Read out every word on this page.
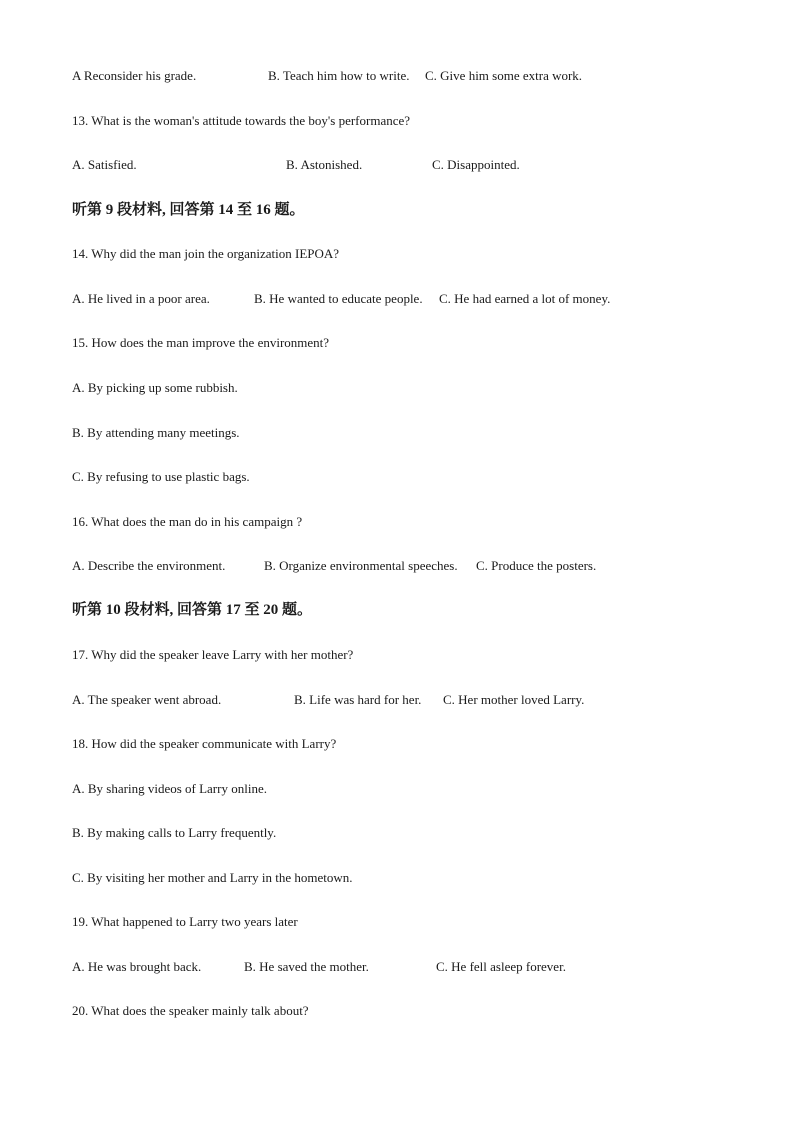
A Reconsider his grade.	B. Teach him how to write. C. Give him some extra work.
13. What is the woman's attitude towards the boy's performance?
A. Satisfied.	B. Astonished.	C. Disappointed.
听第 9 段材料, 回答第 14 至 16 题。
14. Why did the man join the organization IEPOA?
A. He lived in a poor area.	B. He wanted to educate people. C. He had earned a lot of money.
15. How does the man improve the environment?
A. By picking up some rubbish.
B. By attending many meetings.
C. By refusing to use plastic bags.
16. What does the man do in his campaign ?
A. Describe the environment.	B. Organize environmental speeches. C. Produce the posters.
听第 10 段材料, 回答第 17 至 20 题。
17. Why did the speaker leave Larry with her mother?
A. The speaker went abroad.	B. Life was hard for her. C. Her mother loved Larry.
18. How did the speaker communicate with Larry?
A. By sharing videos of Larry online.
B. By making calls to Larry frequently.
C. By visiting her mother and Larry in the hometown.
19. What happened to Larry two years later
A. He was brought back.	B. He saved the mother.	C. He fell asleep forever.
20. What does the speaker mainly talk about?
